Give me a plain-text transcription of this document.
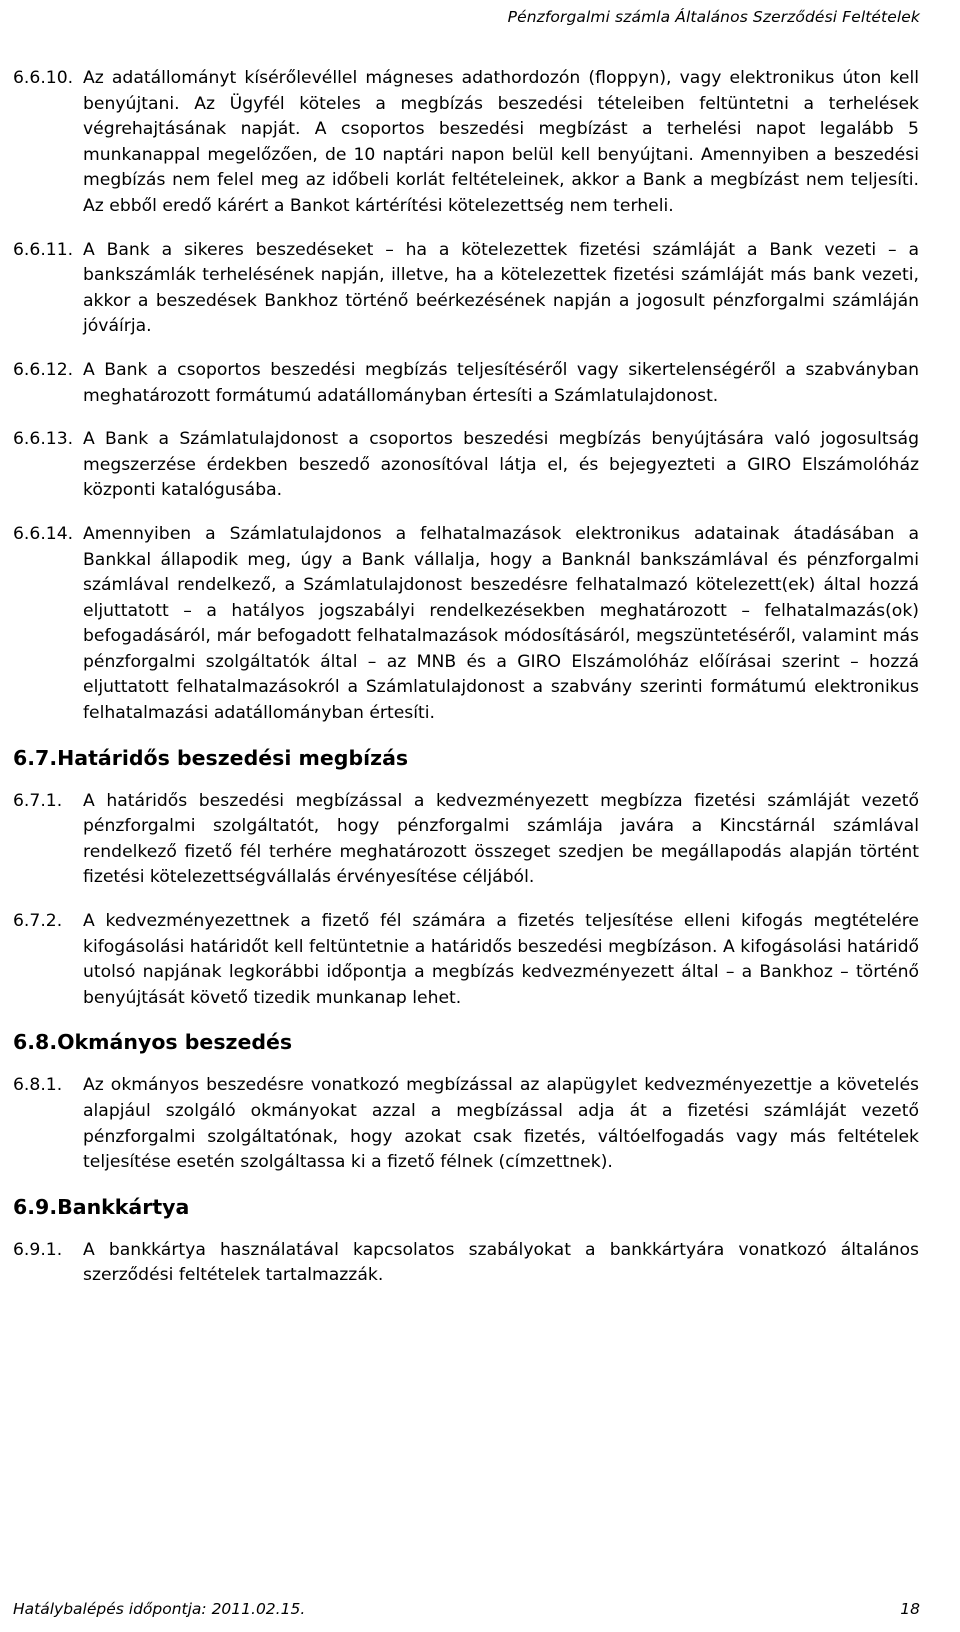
Pénzforgalmi számla Általános Szerződési Feltételek
6.6.10. Az adatállományt kísérőlevéllel mágneses adathordozón (floppyn), vagy elektronikus úton kell benyújtani. Az Ügyfél köteles a megbízás beszedési tételeiben feltüntetni a terhelések végrehajtásának napját. A csoportos beszedési megbízást a terhelési napot legalább 5 munkanappal megelőzően, de 10 naptári napon belül kell benyújtani. Amennyiben a beszedési megbízás nem felel meg az időbeli korlát feltételeinek, akkor a Bank a megbízást nem teljesíti. Az ebből eredő kárért a Bankot kártérítési kötelezettség nem terheli.
6.6.11. A Bank a sikeres beszedéseket – ha a kötelezettek fizetési számláját a Bank vezeti – a bankszámlák terhelésének napján, illetve, ha a kötelezettek fizetési számláját más bank vezeti, akkor a beszedések Bankhoz történő beérkezésének napján a jogosult pénzforgalmi számláján jóváírja.
6.6.12. A Bank a csoportos beszedési megbízás teljesítéséről vagy sikertelenségéről a szabványban meghatározott formátumú adatállományban értesíti a Számlatulajdonost.
6.6.13. A Bank a Számlatulajdonost a csoportos beszedési megbízás benyújtására való jogosultság megszerzése érdekben beszedő azonosítóval látja el, és bejegyezteti a GIRO Elszámolóház központi katalógusába.
6.6.14. Amennyiben a Számlatulajdonos a felhatalmazások elektronikus adatainak átadásában a Bankkal állapodik meg, úgy a Bank vállalja, hogy a Banknál bankszámlával és pénzforgalmi számlával rendelkező, a Számlatulajdonost beszedésre felhatalmazó kötelezett(ek) által hozzá eljuttatott – a hatályos jogszabályi rendelkezésekben meghatározott – felhatalmazás(ok) befogadásáról, már befogadott felhatalmazások módosításáról, megszüntetéséről, valamint más pénzforgalmi szolgáltatók által – az MNB és a GIRO Elszámolóház előírásai szerint – hozzá eljuttatott felhatalmazásokról a Számlatulajdonost a szabvány szerinti formátumú elektronikus felhatalmazási adatállományban értesíti.
6.7. Határidős beszedési megbízás
6.7.1.	A határidős beszedési megbízással a kedvezményezett megbízza fizetési számláját vezető pénzforgalmi szolgáltatót, hogy pénzforgalmi számlája javára a Kincstárnál számlával rendelkező fizető fél terhére meghatározott összeget szedjen be megállapodás alapján történt fizetési kötelezettségvállalás érvényesítése céljából.
6.7.2.	A kedvezményezettnek a fizető fél számára a fizetés teljesítése elleni kifogás megtételére kifogásolási határidőt kell feltüntetnie a határidős beszedési megbízáson. A kifogásolási határidő utolsó napjának legkorábbi időpontja a megbízás kedvezményezett által – a Bankhoz – történő benyújtását követő tizedik munkanap lehet.
6.8. Okmányos beszedés
6.8.1.	Az okmányos beszedésre vonatkozó megbízással az alapügylet kedvezményezettje a követelés alapjául szolgáló okmányokat azzal a megbízással adja át a fizetési számláját vezető pénzforgalmi szolgáltatónak, hogy azokat csak fizetés, váltóelfogadás vagy más feltételek teljesítése esetén szolgáltassa ki a fizető félnek (címzettnek).
6.9. Bankkártya
6.9.1.	A bankkártya használatával kapcsolatos szabályokat a bankkártyára vonatkozó általános szerződési feltételek tartalmazzák.
Hatálybalépés időpontja: 2011.02.15.	18
